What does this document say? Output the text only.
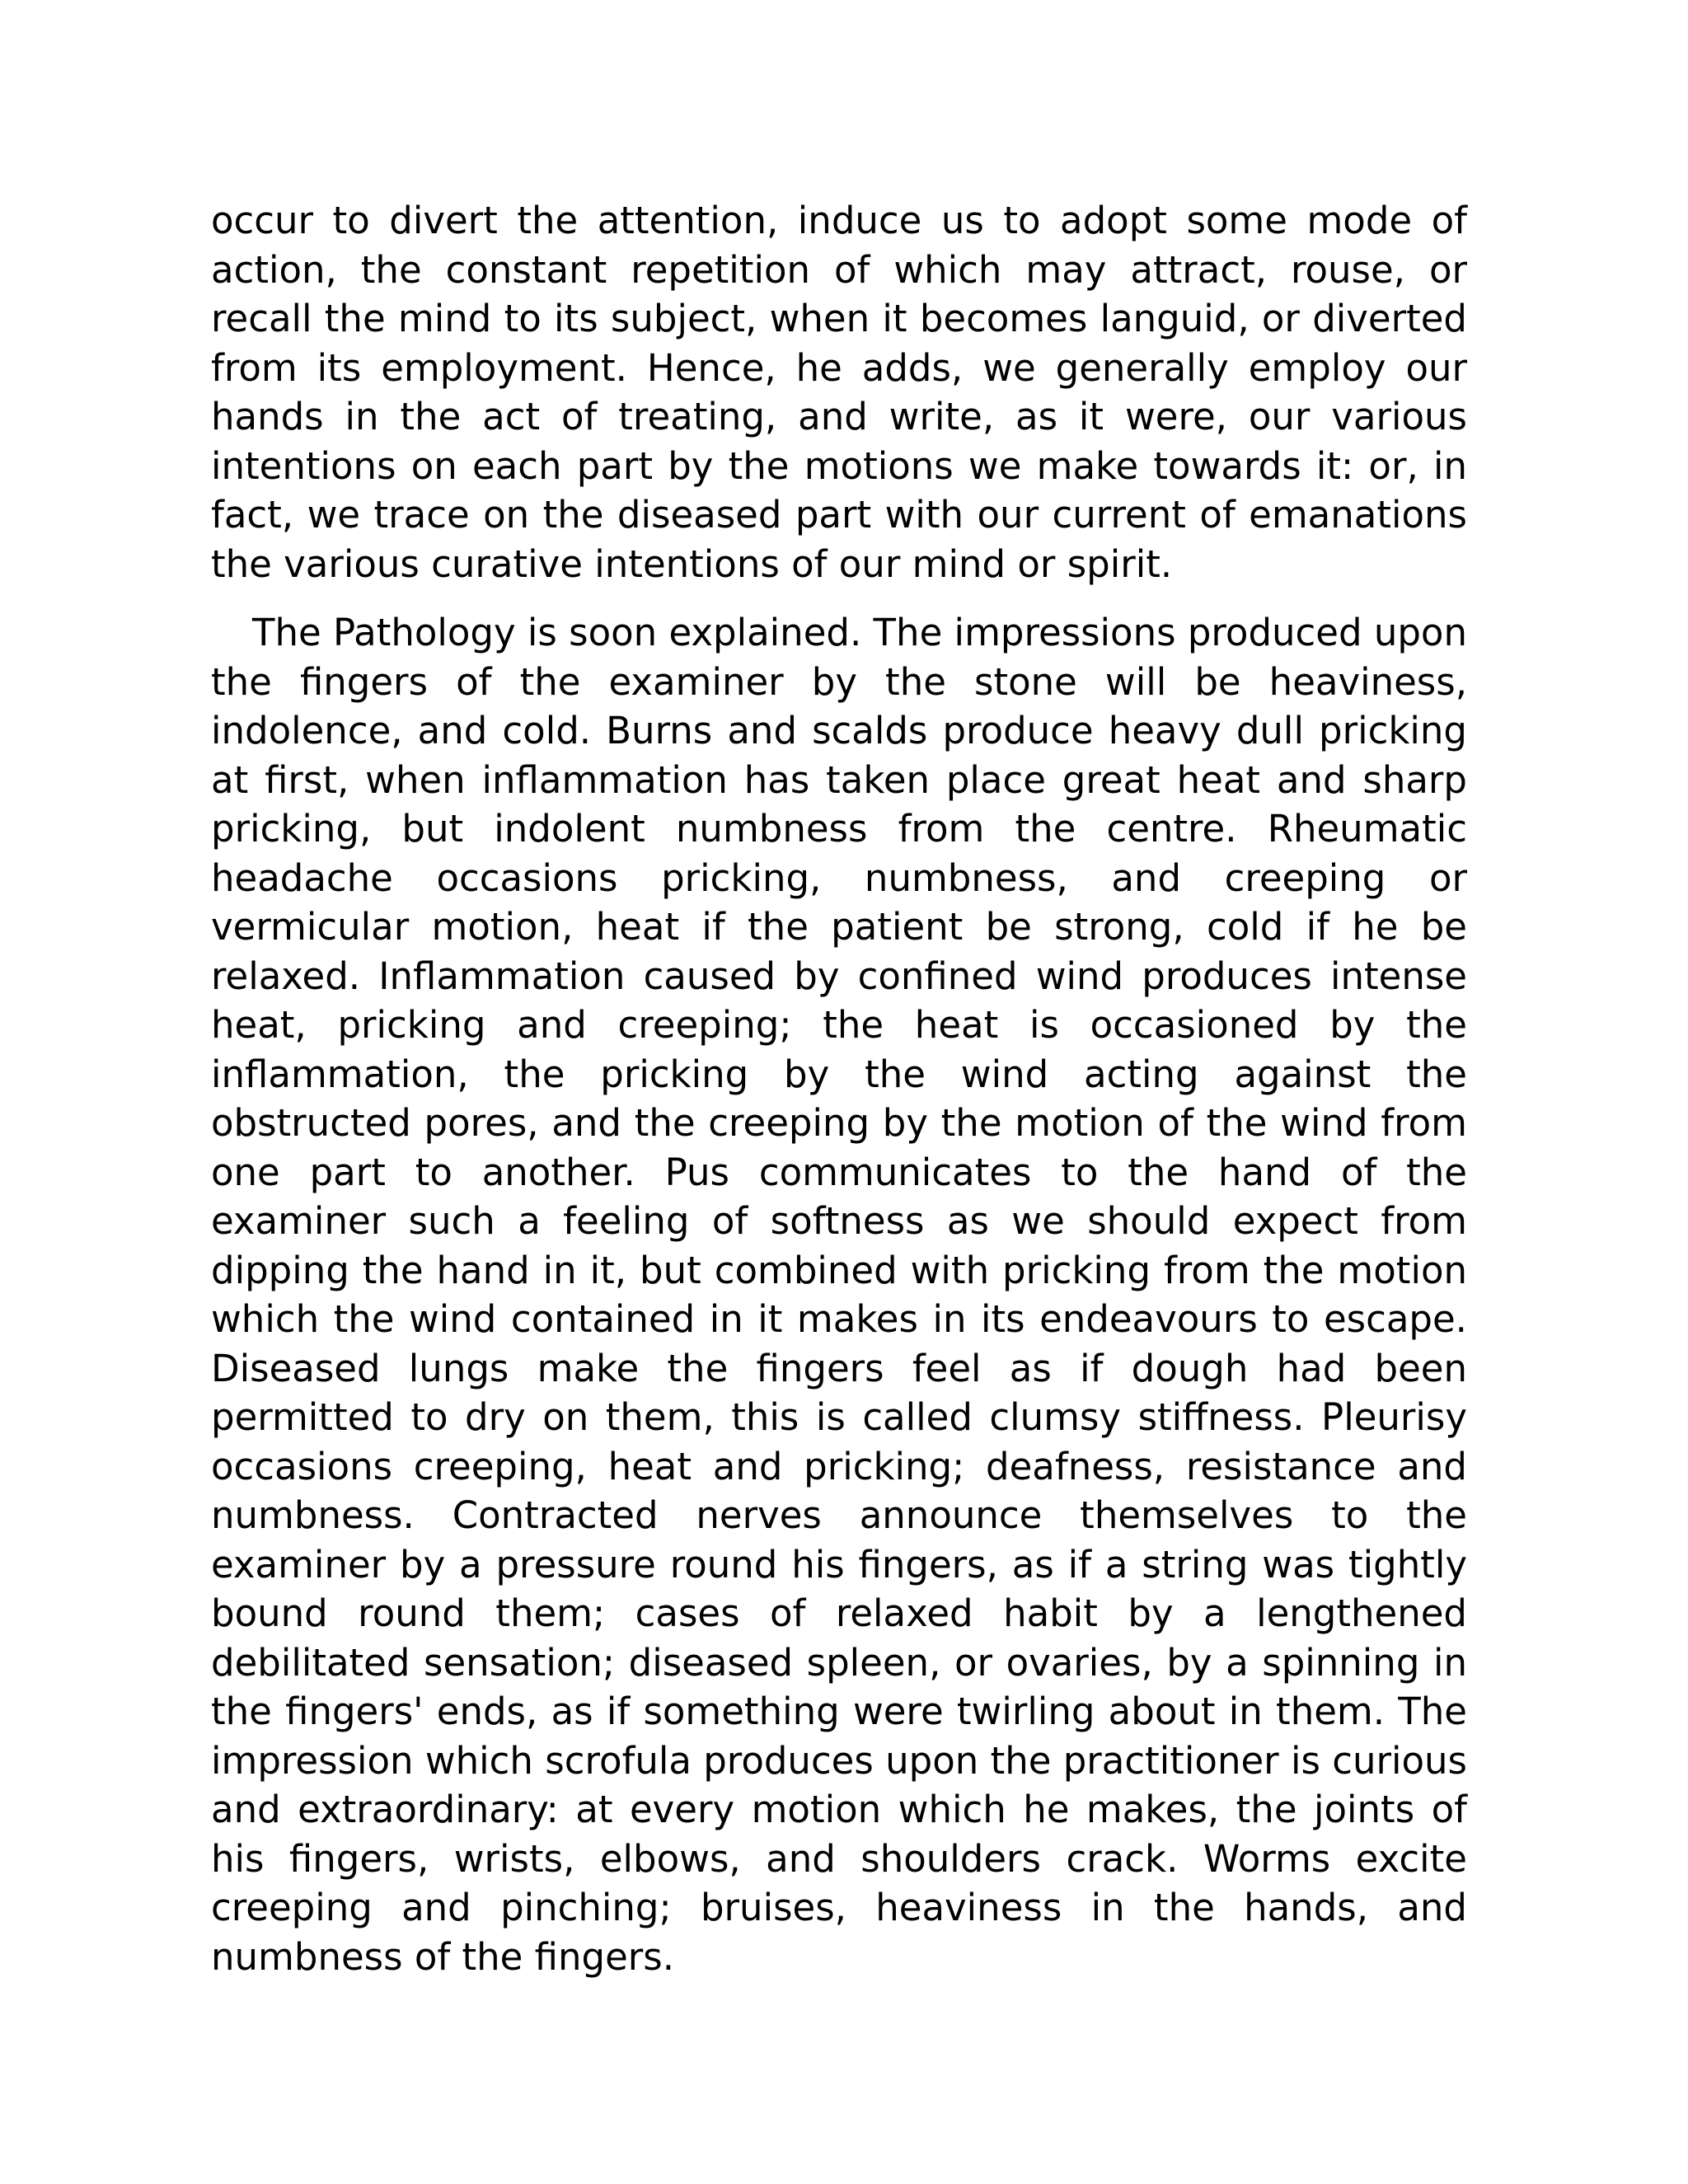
occur to divert the attention, induce us to adopt some mode of action, the constant repetition of which may attract, rouse, or recall the mind to its subject, when it becomes languid, or diverted from its employment. Hence, he adds, we generally employ our hands in the act of treating, and write, as it were, our various intentions on each part by the motions we make towards it: or, in fact, we trace on the diseased part with our current of emanations the various curative intentions of our mind or spirit.

The Pathology is soon explained. The impressions produced upon the fingers of the examiner by the stone will be heaviness, indolence, and cold. Burns and scalds produce heavy dull pricking at first, when inflammation has taken place great heat and sharp pricking, but indolent numbness from the centre. Rheumatic headache occasions pricking, numbness, and creeping or vermicular motion, heat if the patient be strong, cold if he be relaxed. Inflammation caused by confined wind produces intense heat, pricking and creeping; the heat is occasioned by the inflammation, the pricking by the wind acting against the obstructed pores, and the creeping by the motion of the wind from one part to another. Pus communicates to the hand of the examiner such a feeling of softness as we should expect from dipping the hand in it, but combined with pricking from the motion which the wind contained in it makes in its endeavours to escape. Diseased lungs make the fingers feel as if dough had been permitted to dry on them, this is called clumsy stiffness. Pleurisy occasions creeping, heat and pricking; deafness, resistance and numbness. Contracted nerves announce themselves to the examiner by a pressure round his fingers, as if a string was tightly bound round them; cases of relaxed habit by a lengthened debilitated sensation; diseased spleen, or ovaries, by a spinning in the fingers' ends, as if something were twirling about in them. The impression which scrofula produces upon the practitioner is curious and extraordinary: at every motion which he makes, the joints of his fingers, wrists, elbows, and shoulders crack. Worms excite creeping and pinching; bruises, heaviness in the hands, and numbness of the fingers.
